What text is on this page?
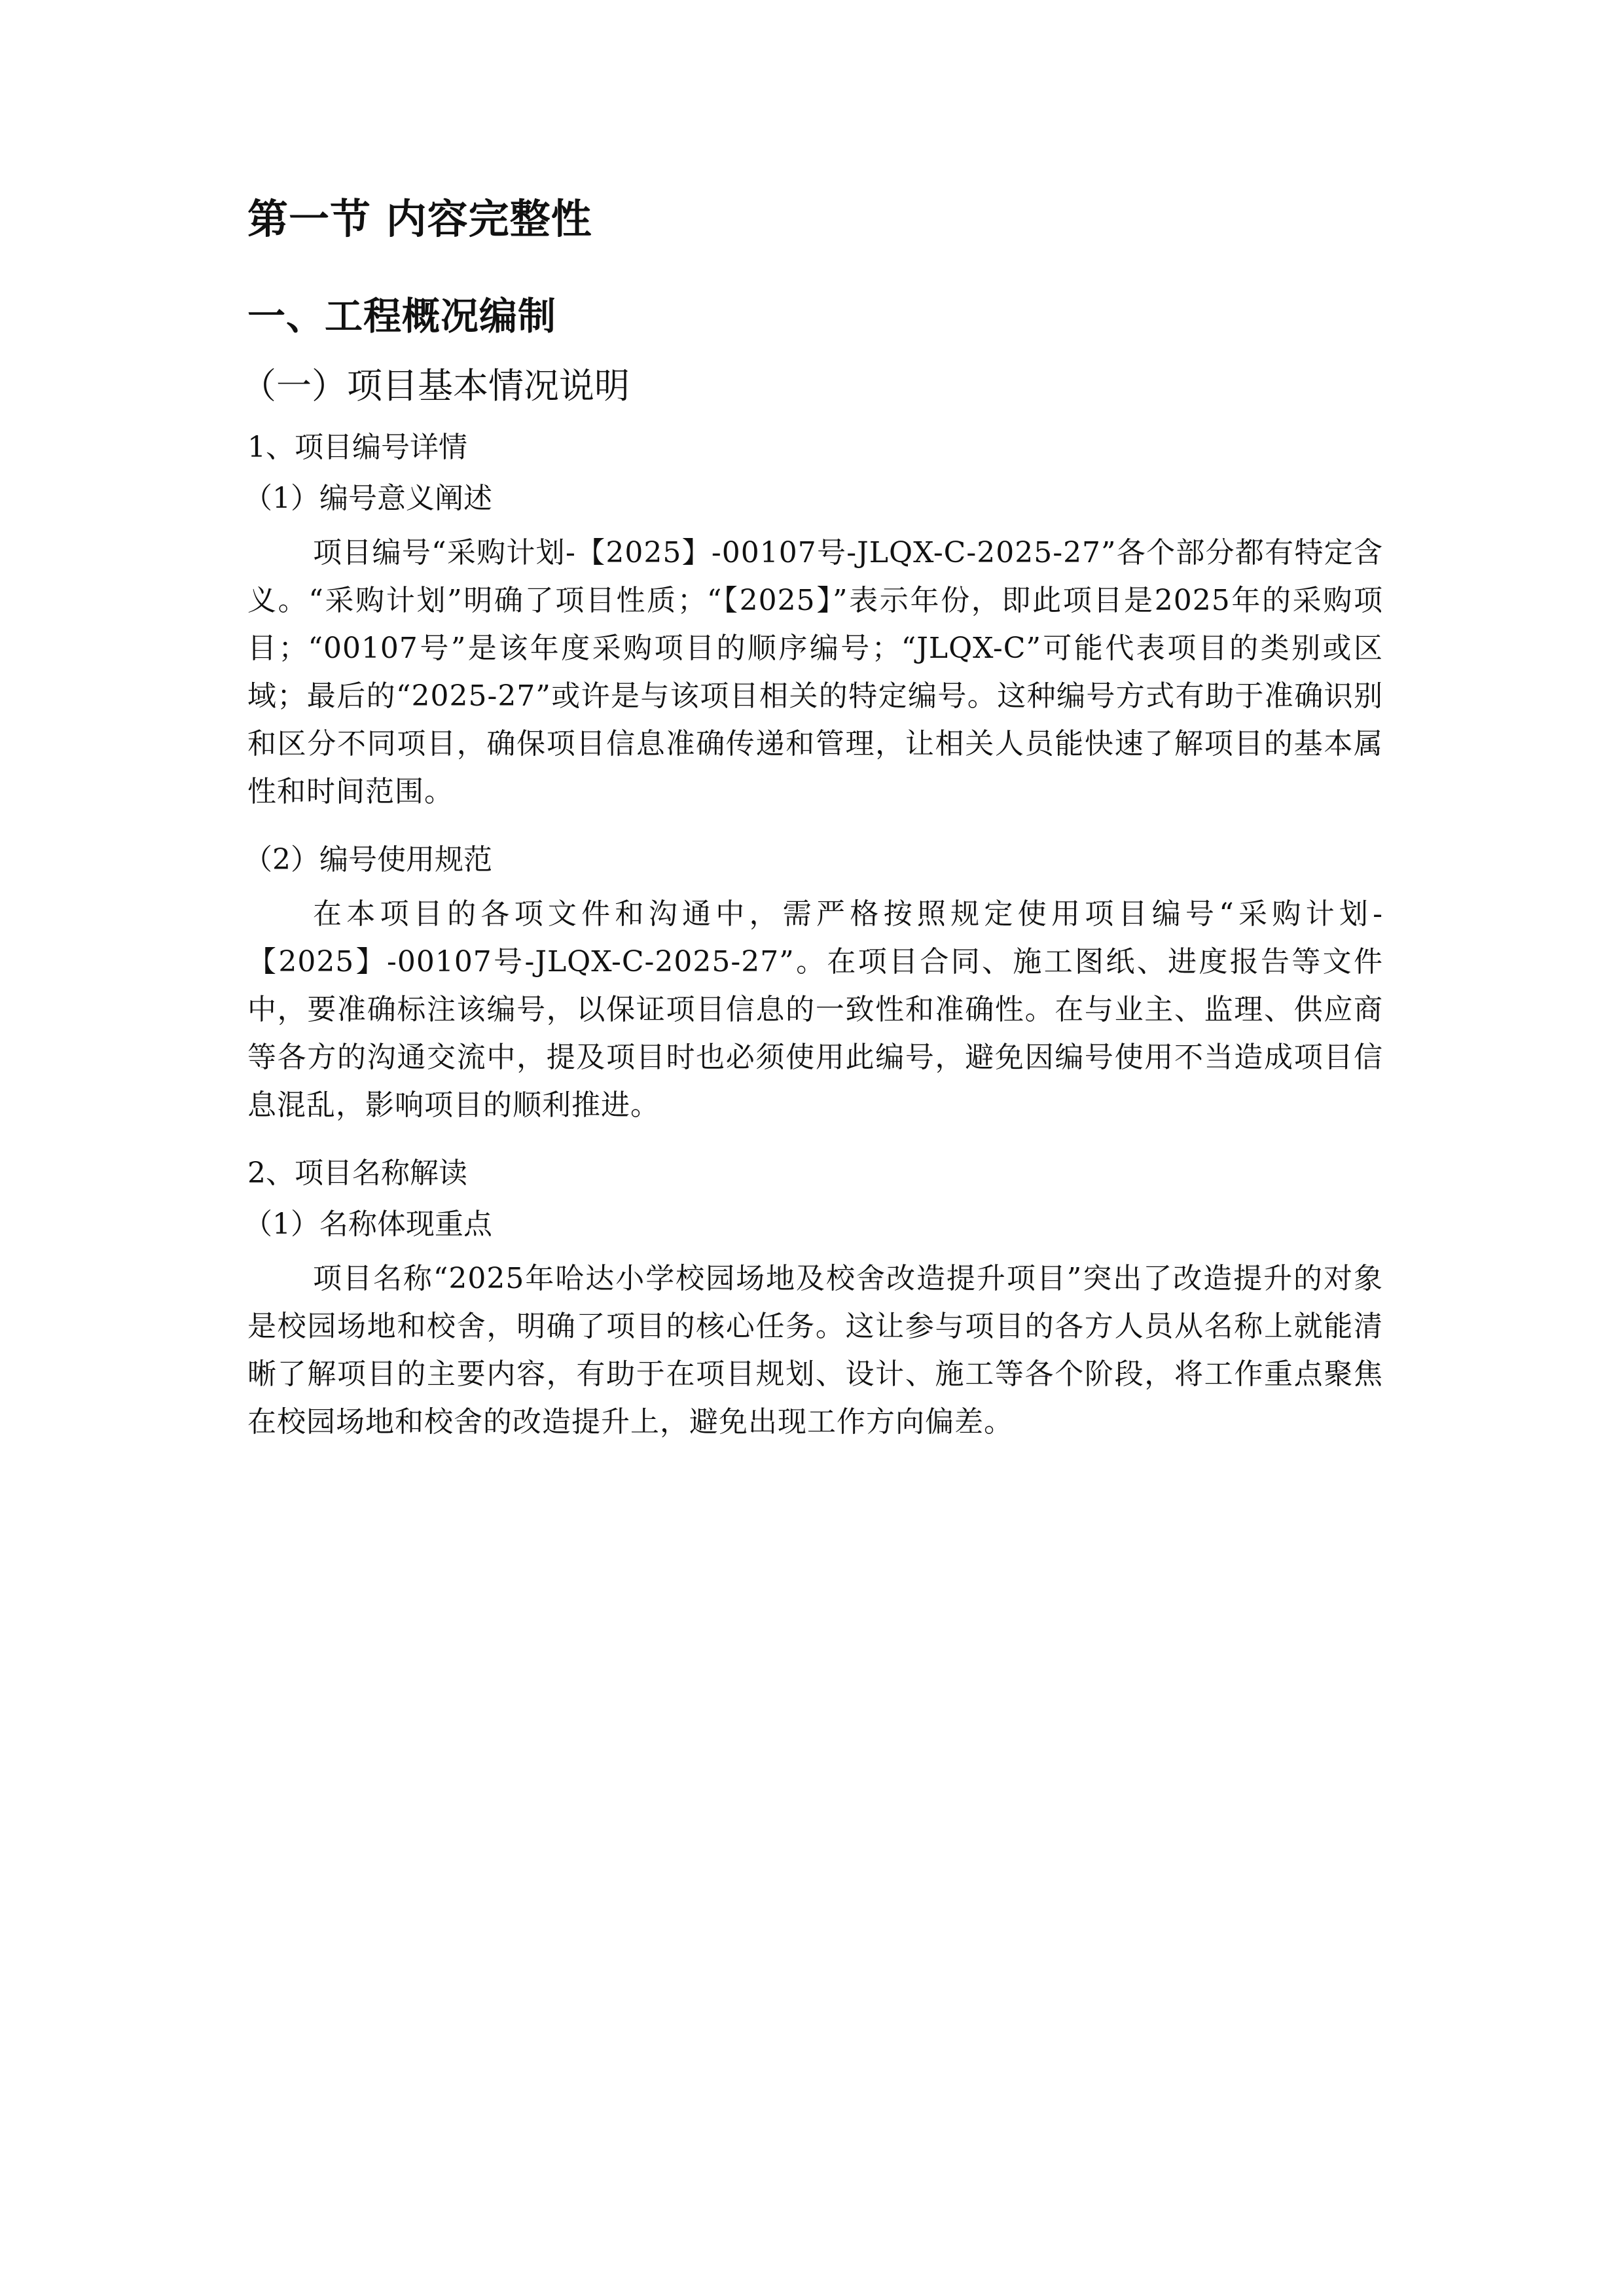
第一节 内容完整性
一、工程概况编制
（一）项目基本情况说明
1、项目编号详情
（1）编号意义阐述

项目编号“采购计划-【2025】-00107号-JLQX-C-2025-27”各个部分都有特定含义。“采购计划”明确了项目性质；“【2025】”表示年份，即此项目是2025年的采购项目；“00107号”是该年度采购项目的顺序编号；“JLQX-C”可能代表项目的类别或区域；最后的“2025-27”或许是与该项目相关的特定编号。这种编号方式有助于准确识别和区分不同项目，确保项目信息准确传递和管理，让相关人员能快速了解项目的基本属性和时间范围。

（2）编号使用规范

在本项目的各项文件和沟通中，需严格按照规定使用项目编号“采购计划-【2025】-00107号-JLQX-C-2025-27”。在项目合同、施工图纸、进度报告等文件中，要准确标注该编号，以保证项目信息的一致性和准确性。在与业主、监理、供应商等各方的沟通交流中，提及项目时也必须使用此编号，避免因编号使用不当造成项目信息混乱，影响项目的顺利推进。

2、项目名称解读
（1）名称体现重点

项目名称“2025年哈达小学校园场地及校舍改造提升项目”突出了改造提升的对象是校园场地和校舍，明确了项目的核心任务。这让参与项目的各方人员从名称上就能清晰了解项目的主要内容，有助于在项目规划、设计、施工等各个阶段，将工作重点聚焦在校园场地和校舍的改造提升上，避免出现工作方向偏差。
